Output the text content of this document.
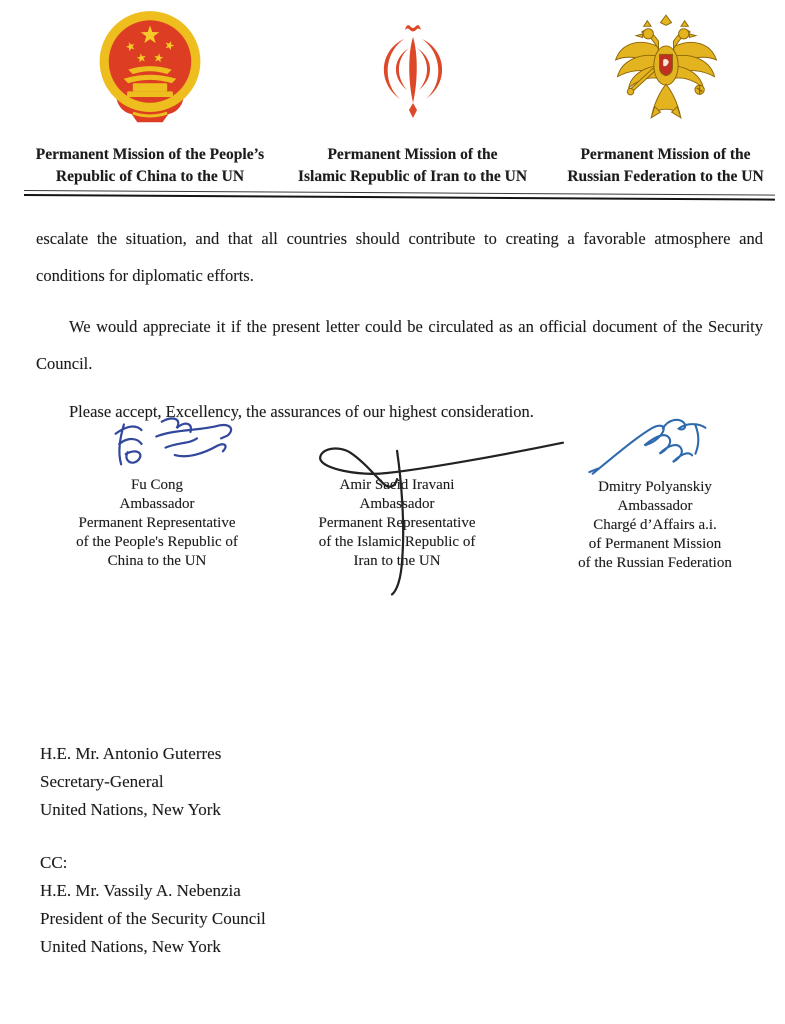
Permanent Mission of the People’s
Republic of China to the UN
Permanent Mission of the
Islamic Republic of Iran to the UN
Permanent Mission of the
Russian Federation to the UN

escalate the situation, and that all countries should contribute to creating a favorable atmosphere and conditions for diplomatic efforts.

We would appreciate it if the present letter could be circulated as an official document of the Security Council.

Please accept, Excellency, the assurances of our highest consideration.

Fu Cong
Ambassador
Permanent Representative
of the People's Republic of
China to the UN
Amir Saeid Iravani
Ambassador
Permanent Representative
of the Islamic Republic of
Iran to the UN
Dmitry Polyanskiy
Ambassador
Chargé d’Affairs a.i.
of Permanent Mission
of the Russian Federation
H.E. Mr. Antonio Guterres
Secretary-General
United Nations, New York
CC:
H.E. Mr. Vassily A. Nebenzia
President of the Security Council
United Nations, New York
